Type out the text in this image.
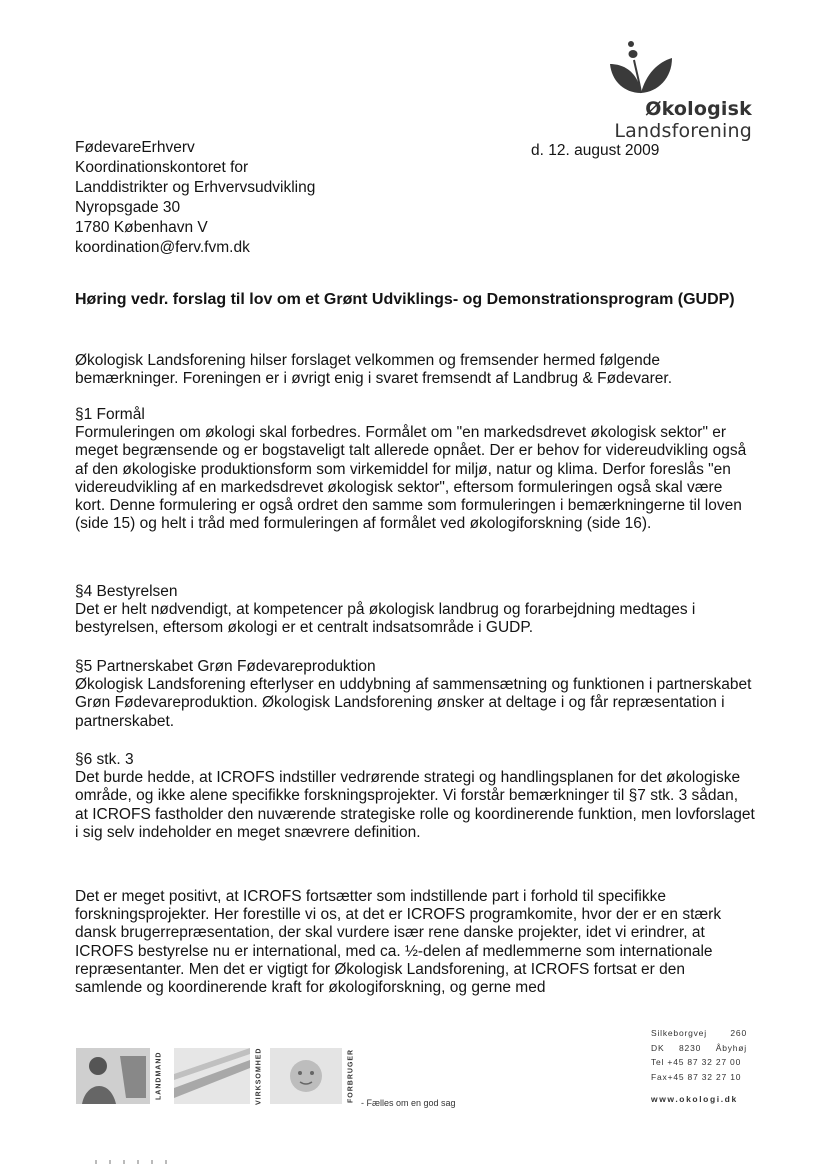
Økologisk Landsforening
FødevareErhverv
Koordinationskontoret for
Landdistrikter og Erhvervsudvikling
Nyropsgade 30
1780 København V
koordination@ferv.fvm.dk
d. 12. august 2009
Høring vedr. forslag til lov om et Grønt Udviklings- og Demonstrationsprogram (GUDP)
Økologisk Landsforening hilser forslaget velkommen og fremsender hermed følgende bemærkninger. Foreningen er i øvrigt enig i svaret fremsendt af Landbrug & Fødevarer.
§1 Formål
Formuleringen om økologi skal forbedres. Formålet om "en markedsdrevet økologisk sektor" er meget begrænsende og er bogstaveligt talt allerede opnået. Der er behov for videreudvikling også af den økologiske produktionsform som virkemiddel for miljø, natur og klima. Derfor foreslås "en videreudvikling af en markedsdrevet økologisk sektor", eftersom formuleringen også skal være kort. Denne formulering er også ordret den samme som formuleringen i bemærkningerne til loven (side 15) og helt i tråd med formuleringen af formålet ved økologiforskning (side 16).
§4 Bestyrelsen
Det er helt nødvendigt, at kompetencer på økologisk landbrug og forarbejdning medtages i bestyrelsen, eftersom økologi er et centralt indsatsområde i GUDP.
§5 Partnerskabet Grøn Fødevareproduktion
Økologisk Landsforening efterlyser en uddybning af sammensætning og funktionen i partnerskabet Grøn Fødevareproduktion. Økologisk Landsforening ønsker at deltage i og får repræsentation i partnerskabet.
§6 stk. 3
Det burde hedde, at ICROFS indstiller vedrørende strategi og handlingsplanen for det økologiske område, og ikke alene specifikke forskningsprojekter. Vi forstår bemærkninger til §7 stk. 3 sådan, at ICROFS fastholder den nuværende strategiske rolle og koordinerende funktion, men lovforslaget i sig selv indeholder en meget snævrere definition.
Det er meget positivt, at ICROFS fortsætter som indstillende part i forhold til specifikke forskningsprojekter. Her forestille vi os, at det er ICROFS programkomite, hvor der er en stærk dansk brugerrepræsentation, der skal vurdere især rene danske projekter, idet vi erindrer, at ICROFS bestyrelse nu er international, med ca. ½-delen af medlemmerne som internationale repræsentanter. Men det er vigtigt for Økologisk Landsforening, at ICROFS fortsat er den samlende og koordinerende kraft for økologiforskning, og gerne med
LANDMAND	VIRKSOMHED	FORBRUGER - Fælles om en god sag
Silkeborgvej	260
DK 8230 Åbyhøj
Tel +45 87 32 27 00
Fax+45 87 32 27 10
www.okologi.dk
